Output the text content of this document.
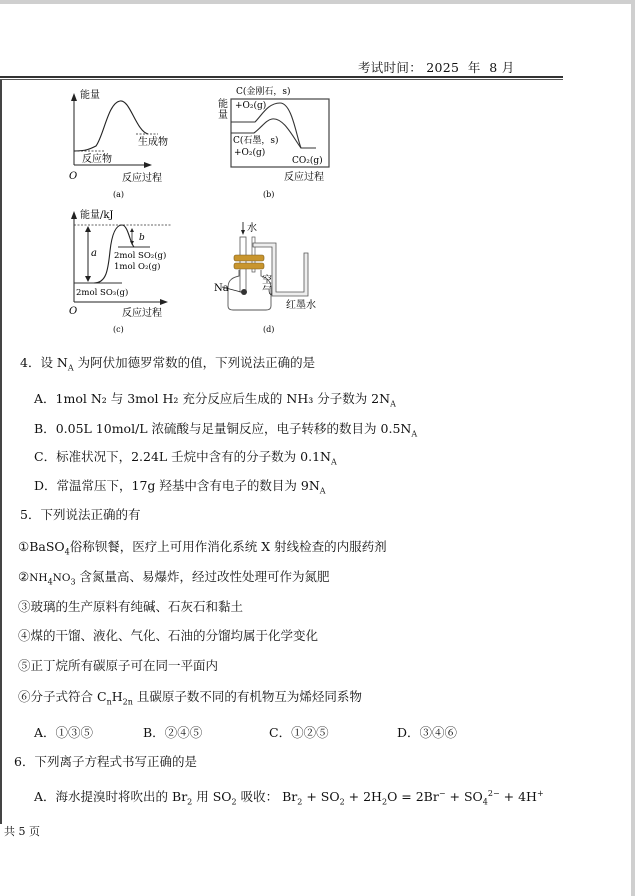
考试时间： 2025 年 8 月
能量
生成物
反应物
O	反应过程
(a)
C(金刚石，s)
+O₂(g)
能
量
C(石墨，s)
+O₂(g)
CO₂(g)
反应过程
(b)
能量/kJ
a
b
2mol SO₂(g)
1mol O₂(g)
2mol SO₃(g)
O	反应过程
(c)
水
Na
空
气
红墨水
(d)
4．设 $N_A$ 为阿伏加德罗常数的值，下列说法正确的是
A．1mol N₂ 与 3mol H₂ 充分反应后生成的 NH₃ 分子数为 $2N_A$
B．0.05L 10mol/L 浓硫酸与足量铜反应，电子转移的数目为 $0.5N_A$
C．标准状况下，2.24L 壬烷中含有的分子数为 $0.1N_A$
D．常温常压下，17g 羟基中含有电子的数目为 $9N_A$
5．下列说法正确的有
①BaSO$_4$俗称钡餐，医疗上可用作消化系统 X 射线检查的内服药剂
$②NH_4NO_3$ 含氮量高、易爆炸，经过改性处理可作为氮肥
③玻璃的生产原料有纯碱、石灰石和黏土
④煤的干馏、液化、气化、石油的分馏均属于化学变化
⑤正丁烷所有碳原子可在同一平面内
⑥分子式符合 $C_nH_{2n}$ 且碳原子数不同的有机物互为烯烃同系物
A．①③⑤	B．②④⑤	C．①②⑤	D．③④⑥
6．下列离子方程式书写正确的是
A．海水提溴时将吹出的 $Br_2$ 用 $SO_2$ 吸收： $Br_2 + SO_2 + 2H_2O = 2Br^- + SO_4^{2-} + 4H^+$
共 5 页
